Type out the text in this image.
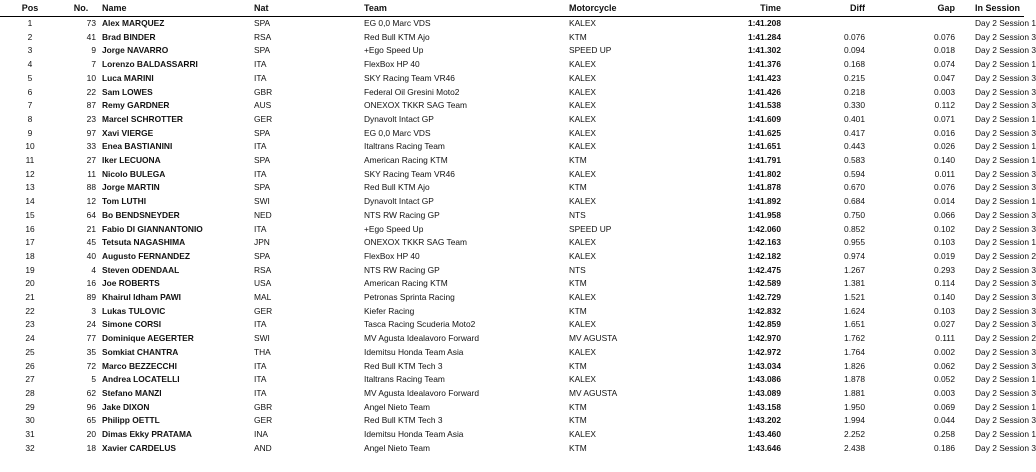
Pos	No.	Name	Nat	Team	Motorcycle	Time	Diff	Gap	In Session
1	73	Alex MARQUEZ	SPA	EG 0,0 Marc VDS	KALEX	1:41.208			Day 2 Session 1
2	41	Brad BINDER	RSA	Red Bull KTM Ajo	KTM	1:41.284	0.076	0.076	Day 2 Session 3
3	9	Jorge NAVARRO	SPA	+Ego Speed Up	SPEED UP	1:41.302	0.094	0.018	Day 2 Session 3
4	7	Lorenzo BALDASSARRI	ITA	FlexBox HP 40	KALEX	1:41.376	0.168	0.074	Day 2 Session 1
5	10	Luca MARINI	ITA	SKY Racing Team VR46	KALEX	1:41.423	0.215	0.047	Day 2 Session 3
6	22	Sam LOWES	GBR	Federal Oil Gresini Moto2	KALEX	1:41.426	0.218	0.003	Day 2 Session 3
7	87	Remy GARDNER	AUS	ONEXOX TKKR SAG Team	KALEX	1:41.538	0.330	0.112	Day 2 Session 3
8	23	Marcel SCHROTTER	GER	Dynavolt Intact GP	KALEX	1:41.609	0.401	0.071	Day 2 Session 1
9	97	Xavi VIERGE	SPA	EG 0,0 Marc VDS	KALEX	1:41.625	0.417	0.016	Day 2 Session 3
10	33	Enea BASTIANINI	ITA	Italtrans Racing Team	KALEX	1:41.651	0.443	0.026	Day 2 Session 1
11	27	Iker LECUONA	SPA	American Racing KTM	KTM	1:41.791	0.583	0.140	Day 2 Session 1
12	11	Nicolo BULEGA	ITA	SKY Racing Team VR46	KALEX	1:41.802	0.594	0.011	Day 2 Session 3
13	88	Jorge MARTIN	SPA	Red Bull KTM Ajo	KTM	1:41.878	0.670	0.076	Day 2 Session 3
14	12	Tom LUTHI	SWI	Dynavolt Intact GP	KALEX	1:41.892	0.684	0.014	Day 2 Session 1
15	64	Bo BENDSNEYDER	NED	NTS RW Racing GP	NTS	1:41.958	0.750	0.066	Day 2 Session 3
16	21	Fabio DI GIANNANTONIO	ITA	+Ego Speed Up	SPEED UP	1:42.060	0.852	0.102	Day 2 Session 3
17	45	Tetsuta NAGASHIMA	JPN	ONEXOX TKKR SAG Team	KALEX	1:42.163	0.955	0.103	Day 2 Session 1
18	40	Augusto FERNANDEZ	SPA	FlexBox HP 40	KALEX	1:42.182	0.974	0.019	Day 2 Session 2
19	4	Steven ODENDAAL	RSA	NTS RW Racing GP	NTS	1:42.475	1.267	0.293	Day 2 Session 3
20	16	Joe ROBERTS	USA	American Racing KTM	KTM	1:42.589	1.381	0.114	Day 2 Session 3
21	89	Khairul Idham PAWI	MAL	Petronas Sprinta Racing	KALEX	1:42.729	1.521	0.140	Day 2 Session 3
22	3	Lukas TULOVIC	GER	Kiefer Racing	KTM	1:42.832	1.624	0.103	Day 2 Session 3
23	24	Simone CORSI	ITA	Tasca Racing Scuderia Moto2	KALEX	1:42.859	1.651	0.027	Day 2 Session 3
24	77	Dominique AEGERTER	SWI	MV Agusta Idealavoro Forward	MV AGUSTA	1:42.970	1.762	0.111	Day 2 Session 2
25	35	Somkiat CHANTRA	THA	Idemitsu Honda Team Asia	KALEX	1:42.972	1.764	0.002	Day 2 Session 3
26	72	Marco BEZZECCHI	ITA	Red Bull KTM Tech 3	KTM	1:43.034	1.826	0.062	Day 2 Session 3
27	5	Andrea LOCATELLI	ITA	Italtrans Racing Team	KALEX	1:43.086	1.878	0.052	Day 2 Session 1
28	62	Stefano MANZI	ITA	MV Agusta Idealavoro Forward	MV AGUSTA	1:43.089	1.881	0.003	Day 2 Session 3
29	96	Jake DIXON	GBR	Angel Nieto Team	KTM	1:43.158	1.950	0.069	Day 2 Session 1
30	65	Philipp OETTL	GER	Red Bull KTM Tech 3	KTM	1:43.202	1.994	0.044	Day 2 Session 3
31	20	Dimas Ekky PRATAMA	INA	Idemitsu Honda Team Asia	KALEX	1:43.460	2.252	0.258	Day 2 Session 1
32	18	Xavier CARDELUS	AND	Angel Nieto Team	KTM	1:43.646	2.438	0.186	Day 2 Session 3
